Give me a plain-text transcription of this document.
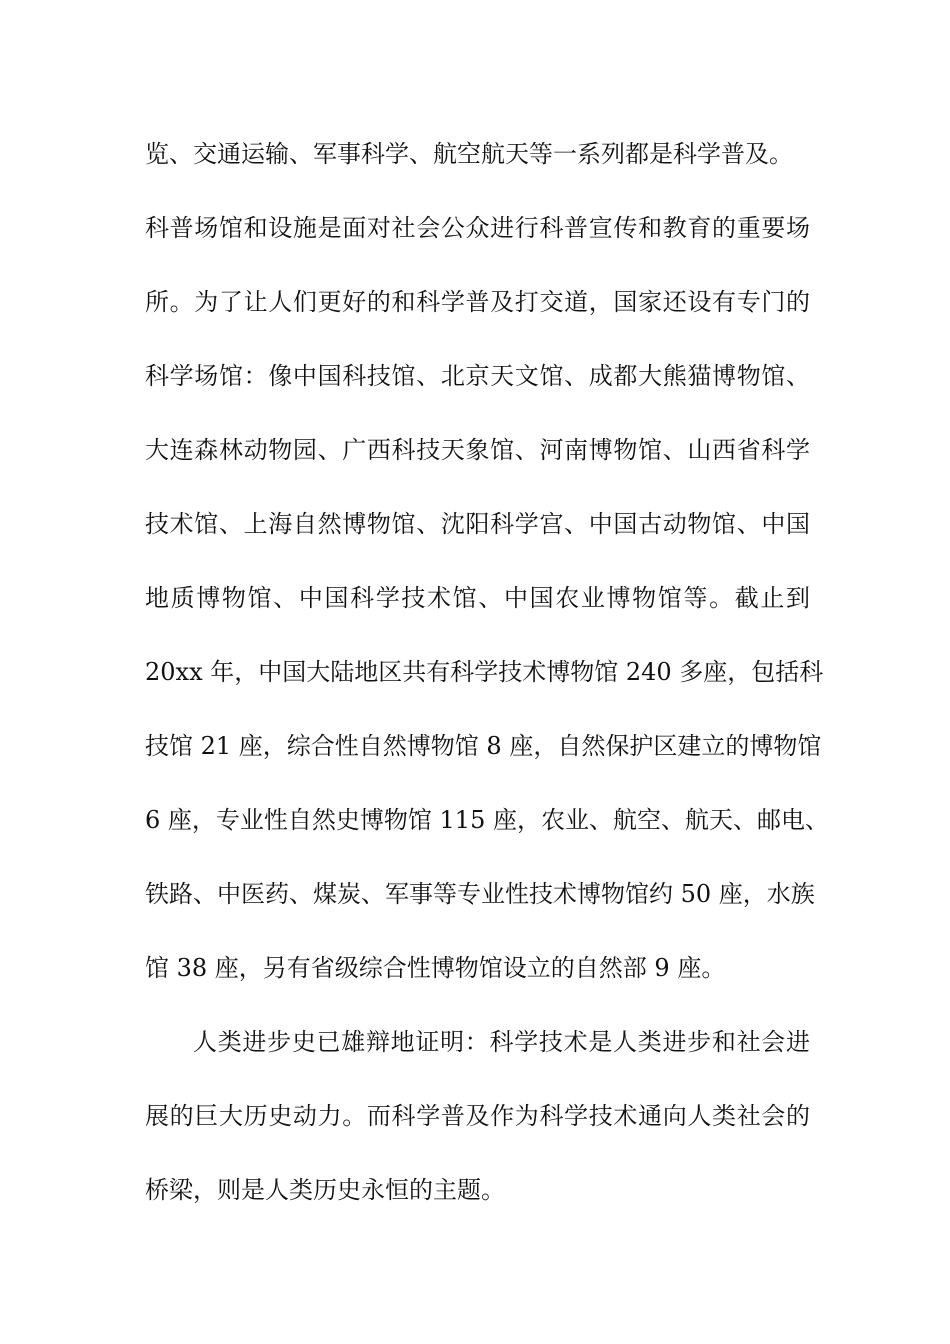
览、交通运输、军事科学、航空航天等一系列都是科学普及。
科普场馆和设施是面对社会公众进行科普宣传和教育的重要场
所。为了让人们更好的和科学普及打交道，国家还设有专门的
科学场馆：像中国科技馆、北京天文馆、成都大熊猫博物馆、
大连森林动物园、广西科技天象馆、河南博物馆、山西省科学
技术馆、上海自然博物馆、沈阳科学宫、中国古动物馆、中国
地质博物馆、中国科学技术馆、中国农业博物馆等。截止到
20xx 年，中国大陆地区共有科学技术博物馆 240 多座，包括科
技馆 21 座，综合性自然博物馆 8 座，自然保护区建立的博物馆
6 座，专业性自然史博物馆 115 座，农业、航空、航天、邮电、
铁路、中医药、煤炭、军事等专业性技术博物馆约 50 座，水族
馆 38 座，另有省级综合性博物馆设立的自然部 9 座。
人类进步史已雄辩地证明：科学技术是人类进步和社会进
展的巨大历史动力。而科学普及作为科学技术通向人类社会的
桥梁，则是人类历史永恒的主题。
